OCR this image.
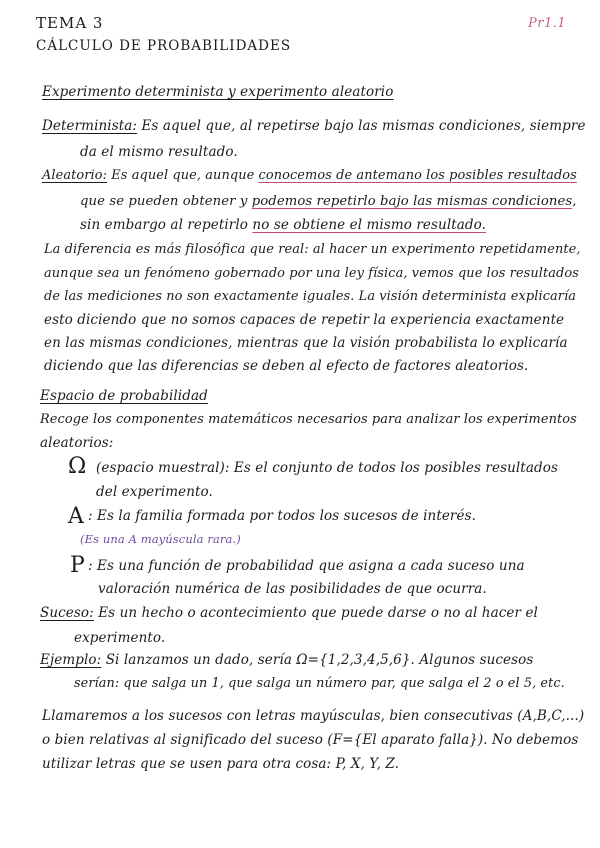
TEMA 3
CÁLCULO DE PROBABILIDADES
Pr1.1
Experimento determinista y experimento aleatorio
Determinista: Es aquel que, al repetirse bajo las mismas condiciones, siempre
da el mismo resultado.
Aleatorio: Es aquel que, aunque conocemos de antemano los posibles resultados
que se pueden obtener y podemos repetirlo bajo las mismas condiciones,
sin embargo al repetirlo no se obtiene el mismo resultado.
La diferencia es más filosófica que real: al hacer un experimento repetidamente,
aunque sea un fenómeno gobernado por una ley física, vemos que los resultados
de las mediciones no son exactamente iguales. La visión determinista explicaría
esto diciendo que no somos capaces de repetir la experiencia exactamente
en las mismas condiciones, mientras que la visión probabilista lo explicaría
diciendo que las diferencias se deben al efecto de factores aleatorios.
Espacio de probabilidad
Recoge los componentes matemáticos necesarios para analizar los experimentos
aleatorios:
Ω (espacio muestral): Es el conjunto de todos los posibles resultados
del experimento.
A : Es la familia formada por todos los sucesos de interés.
(Es una A mayúscula rara.)
P : Es una función de probabilidad que asigna a cada suceso una
valoración numérica de las posibilidades de que ocurra.
Suceso: Es un hecho o acontecimiento que puede darse o no al hacer el
experimento.
Ejemplo: Si lanzamos un dado, sería Ω={1,2,3,4,5,6}. Algunos sucesos
serían: que salga un 1, que salga un número par, que salga el 2 o el 5, etc.
Llamaremos a los sucesos con letras mayúsculas, bien consecutivas (A,B,C,...)
o bien relativas al significado del suceso (F={El aparato falla}). No debemos
utilizar letras que se usen para otra cosa: P, X, Y, Z.
